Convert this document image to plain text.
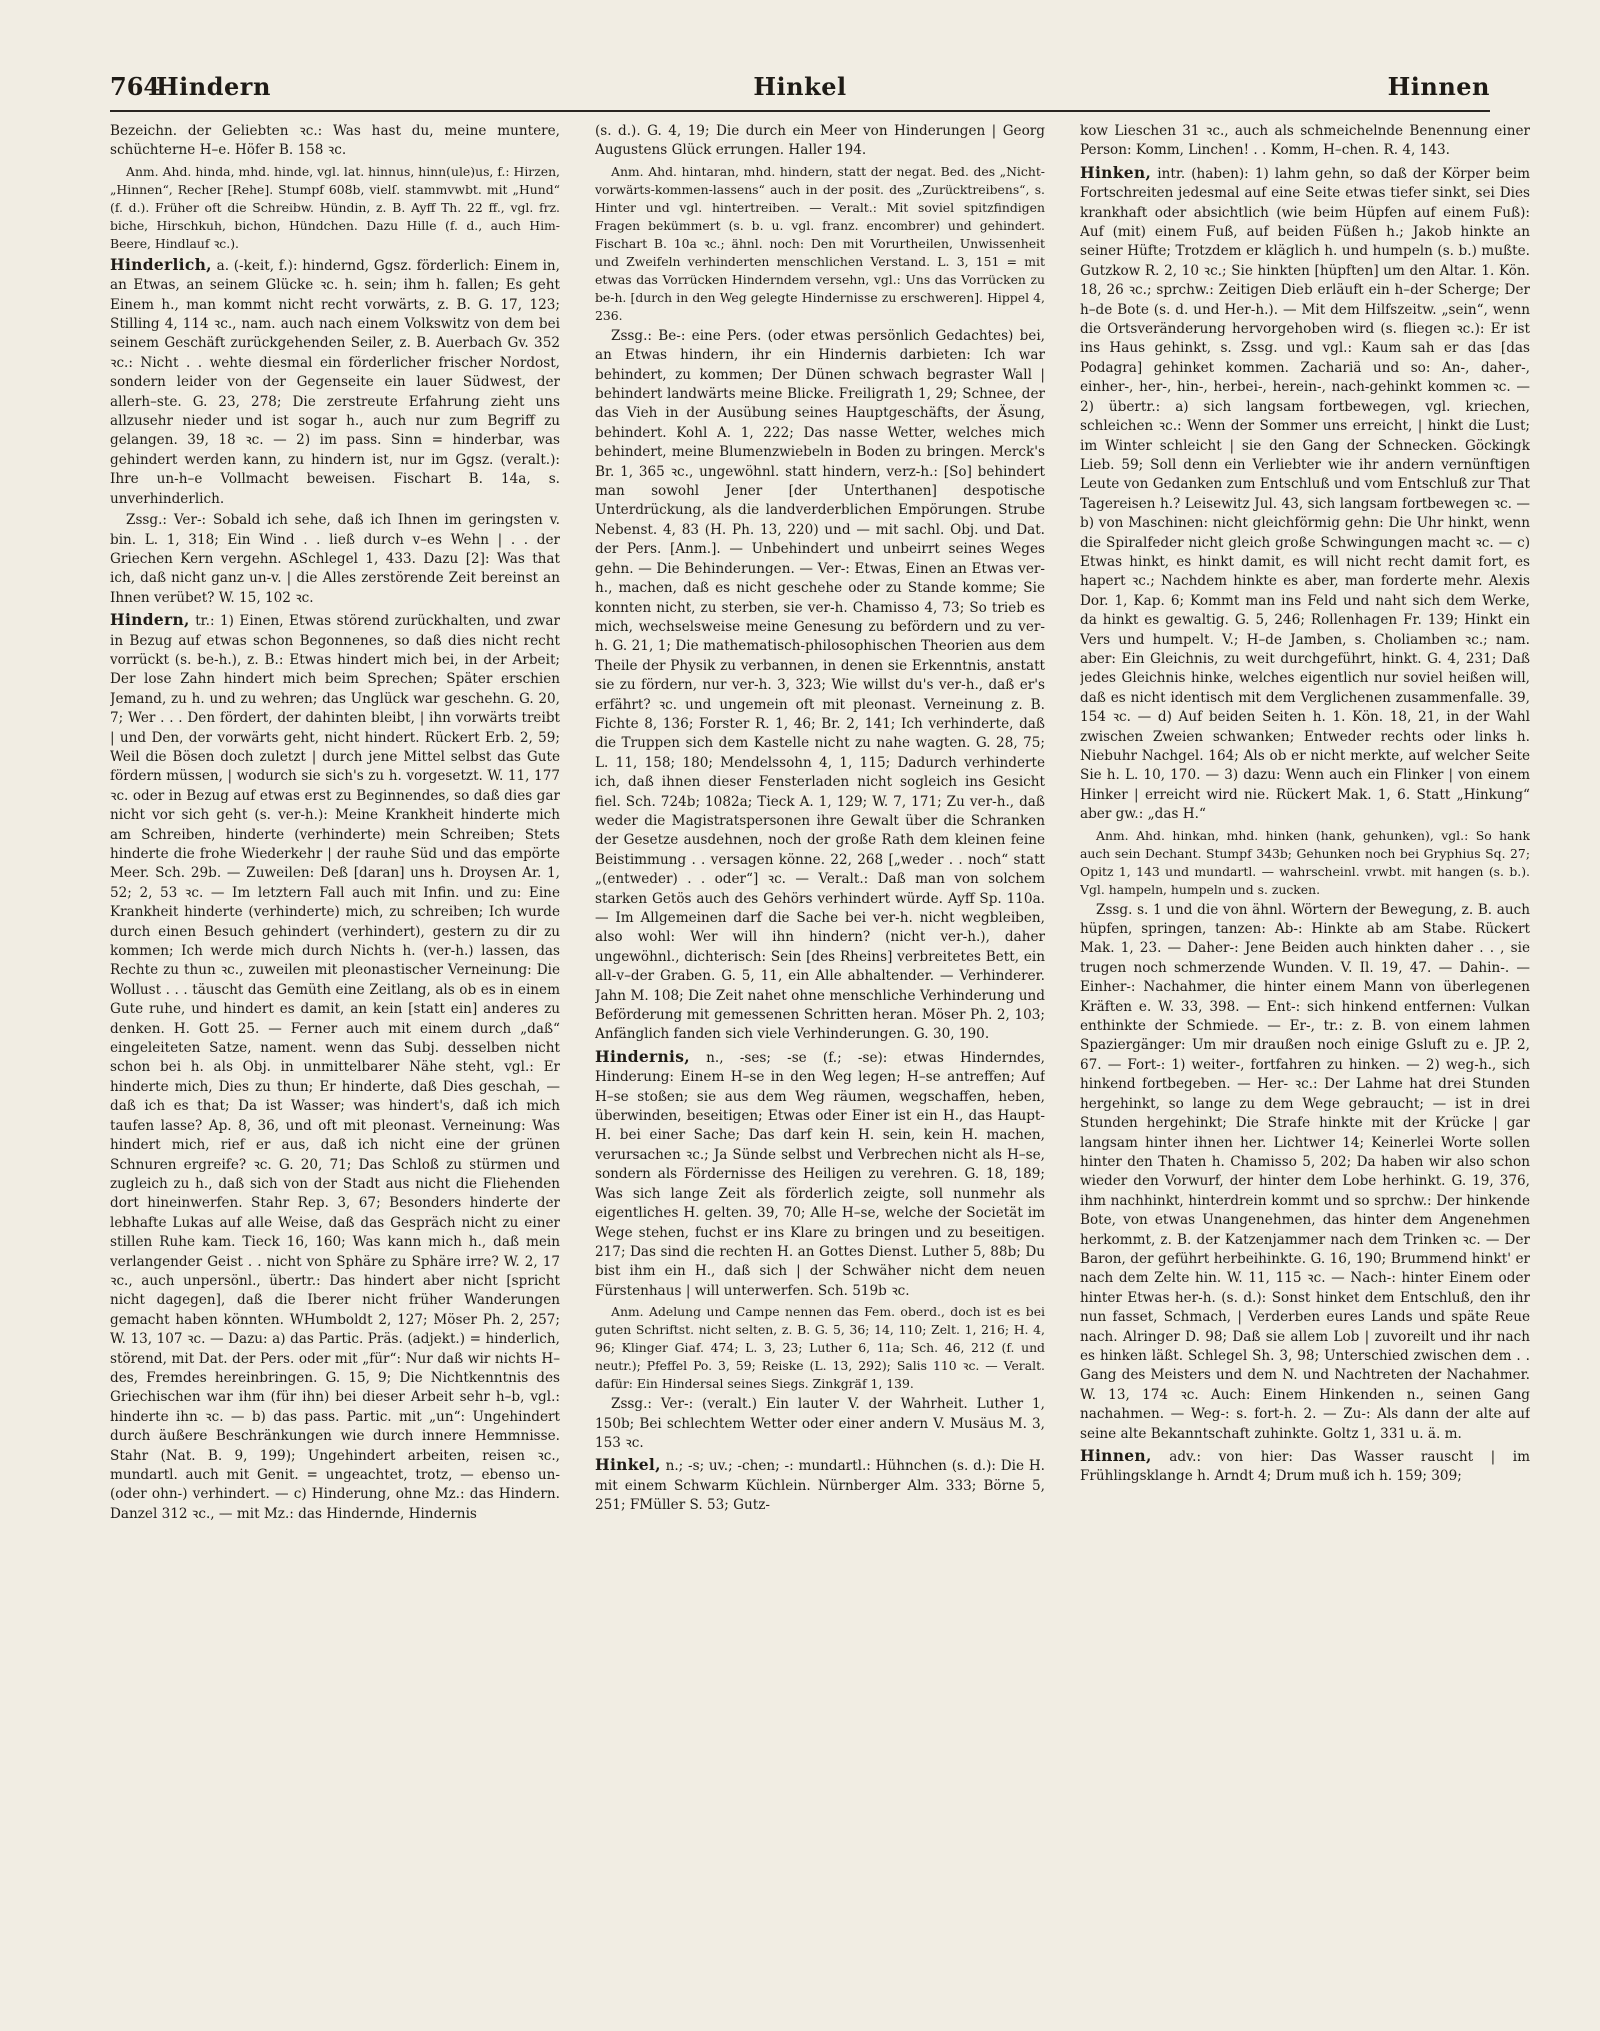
764
Hindern	Hinkel	Hinnen

Bezeichn. der Geliebten ꝛc.: Was hast du, meine muntere, schüchterne H–e. Höfer B. 158 ꝛc.

Anm. Ahd. hinda, mhd. hinde, vgl. lat. hinnus, hinn(ule)us, f.: Hirzen, „Hinnen“, Recher [Rehe]. Stumpf 608b, vielſ. stammvwbt. mit „Hund“ (f. d.). Früher oft die Schreibw. Hündin, z. B. Ayff Th. 22 ff., vgl. frz. biche, Hirschkuh, bichon, Hündchen. Dazu Hille (f. d., auch Him-Beere, Hindlauf ꝛc.).

Hinderlich, a. (-keit, f.): hindernd, Ggsz. förderlich: Einem in, an Etwas, an seinem Glücke ꝛc. h. sein; ihm h. fallen; Es geht Einem h., man kommt nicht recht vorwärts, z. B. G. 17, 123; Stilling 4, 114 ꝛc., nam. auch nach einem Volkswitz von dem bei seinem Geschäft zurückgehenden Seiler, z. B. Auerbach Gv. 352 ꝛc.: Nicht . . wehte diesmal ein förderlicher frischer Nordost, sondern leider von der Gegenseite ein lauer Südwest, der allerh–ste. G. 23, 278; Die zerstreute Erfahrung zieht uns allzusehr nieder und ist sogar h., auch nur zum Begriff zu gelangen. 39, 18 ꝛc. — 2) im pass. Sinn = hinderbar, was gehindert werden kann, zu hindern ist, nur im Ggsz. (veralt.): Ihre un-h–e Vollmacht beweisen. Fischart B. 14a, s. unverhinderlich.

Zssg.: Ver-: Sobald ich sehe, daß ich Ihnen im geringsten v. bin. L. 1, 318; Ein Wind . . ließ durch v–es Wehn | . . der Griechen Kern vergehn. ASchlegel 1, 433. Dazu [2]: Was that ich, daß nicht ganz un-v. | die Alles zerstörende Zeit bereinst an Ihnen verübet? W. 15, 102 ꝛc.

Hindern, tr.: 1) Einen, Etwas störend zurückhalten, und zwar in Bezug auf etwas schon Begonnenes, so daß dies nicht recht vorrückt (s. be-h.), z. B.: Etwas hindert mich bei, in der Arbeit; Der lose Zahn hindert mich beim Sprechen; Später erschien Jemand, zu h. und zu wehren; das Unglück war geschehn. G. 20, 7; Wer . . . Den fördert, der dahinten bleibt, | ihn vorwärts treibt | und Den, der vorwärts geht, nicht hindert. Rückert Erb. 2, 59; Weil die Bösen doch zuletzt | durch jene Mittel selbst das Gute fördern müssen, | wodurch sie sich's zu h. vorgesetzt. W. 11, 177 ꝛc. oder in Bezug auf etwas erst zu Beginnendes, so daß dies gar nicht vor sich geht (s. ver-h.): Meine Krankheit hinderte mich am Schreiben, hinderte (verhinderte) mein Schreiben; Stets hinderte die frohe Wiederkehr | der rauhe Süd und das empörte Meer. Sch. 29b. — Zuweilen: Deß [daran] uns h. Droysen Ar. 1, 52; 2, 53 ꝛc. — Im letztern Fall auch mit Infin. und zu: Eine Krankheit hinderte (verhinderte) mich, zu schreiben; Ich wurde durch einen Besuch gehindert (verhindert), gestern zu dir zu kommen; Ich werde mich durch Nichts h. (ver-h.) lassen, das Rechte zu thun ꝛc., zuweilen mit pleonastischer Verneinung: Die Wollust . . . täuscht das Gemüth eine Zeitlang, als ob es in einem Gute ruhe, und hindert es damit, an kein [statt ein] anderes zu denken. H. Gott 25. — Ferner auch mit einem durch „daß“ eingeleiteten Satze, nament. wenn das Subj. desselben nicht schon bei h. als Obj. in unmittelbarer Nähe steht, vgl.: Er hinderte mich, Dies zu thun; Er hinderte, daß Dies geschah, — daß ich es that; Da ist Wasser; was hindert's, daß ich mich taufen lasse? Ap. 8, 36, und oft mit pleonast. Verneinung: Was hindert mich, rief er aus, daß ich nicht eine der grünen Schnuren ergreife? ꝛc. G. 20, 71; Das Schloß zu stürmen und zugleich zu h., daß sich von der Stadt aus nicht die Fliehenden dort hineinwerfen. Stahr Rep. 3, 67; Besonders hinderte der lebhafte Lukas auf alle Weise, daß das Gespräch nicht zu einer stillen Ruhe kam. Tieck 16, 160; Was kann mich h., daß mein verlangender Geist . . nicht von Sphäre zu Sphäre irre? W. 2, 17 ꝛc., auch unpersönl., übertr.: Das hindert aber nicht [spricht nicht dagegen], daß die Iberer nicht früher Wanderungen gemacht haben könnten. WHumboldt 2, 127; Möser Ph. 2, 257; W. 13, 107 ꝛc. — Dazu: a) das Partic. Präs. (adjekt.) = hinderlich, störend, mit Dat. der Pers. oder mit „für“: Nur daß wir nichts H–des, Fremdes hereinbringen. G. 15, 9; Die Nichtkenntnis des Griechischen war ihm (für ihn) bei dieser Arbeit sehr h–b, vgl.: hinderte ihn ꝛc. — b) das pass. Partic. mit „un“: Ungehindert durch äußere Beschränkungen wie durch innere Hemmnisse. Stahr (Nat. B. 9, 199); Ungehindert arbeiten, reisen ꝛc., mundartl. auch mit Genit. = ungeachtet, trotz, — ebenso un- (oder ohn-) verhindert. — c) Hinderung, ohne Mz.: das Hindern. Danzel 312 ꝛc., — mit Mz.: das Hindernde, Hindernis

(s. d.). G. 4, 19; Die durch ein Meer von Hinderungen | Georg Augustens Glück errungen. Haller 194.

Anm. Ahd. hintaran, mhd. hindern, statt der negat. Bed. des „Nicht-vorwärts-kommen-lassens“ auch in der posit. des „Zurücktreibens“, s. Hinter und vgl. hintertreiben. — Veralt.: Mit soviel spitzfindigen Fragen bekümmert (s. b. u. vgl. franz. encombrer) und gehindert. Fischart B. 10a ꝛc.; ähnl. noch: Den mit Vorurtheilen, Unwissenheit und Zweifeln verhinderten menschlichen Verstand. L. 3, 151 = mit etwas das Vorrücken Hinderndem versehn, vgl.: Uns das Vorrücken zu be-h. [durch in den Weg gelegte Hindernisse zu erschweren]. Hippel 4, 236.

Zssg.: Be-: eine Pers. (oder etwas persönlich Gedachtes) bei, an Etwas hindern, ihr ein Hindernis darbieten: Ich war behindert, zu kommen; Der Dünen schwach begraster Wall | behindert landwärts meine Blicke. Freiligrath 1, 29; Schnee, der das Vieh in der Ausübung seines Hauptgeschäfts, der Äsung, behindert. Kohl A. 1, 222; Das nasse Wetter, welches mich behindert, meine Blumenzwiebeln in Boden zu bringen. Merck's Br. 1, 365 ꝛc., ungewöhnl. statt hindern, verz-h.: [So] behindert man sowohl Jener [der Unterthanen] despotische Unterdrückung, als die landverderblichen Empörungen. Strube Nebenst. 4, 83 (H. Ph. 13, 220) und — mit sachl. Obj. und Dat. der Pers. [Anm.]. — Unbehindert und unbeirrt seines Weges gehn. — Die Behinderungen. — Ver-: Etwas, Einen an Etwas ver-h., machen, daß es nicht geschehe oder zu Stande komme; Sie konnten nicht, zu sterben, sie ver-h. Chamisso 4, 73; So trieb es mich, wechselsweise meine Genesung zu befördern und zu ver-h. G. 21, 1; Die mathematisch-philosophischen Theorien aus dem Theile der Physik zu verbannen, in denen sie Erkenntnis, anstatt sie zu fördern, nur ver-h. 3, 323; Wie willst du's ver-h., daß er's erfährt? ꝛc. und ungemein oft mit pleonast. Verneinung z. B. Fichte 8, 136; Forster R. 1, 46; Br. 2, 141; Ich verhinderte, daß die Truppen sich dem Kastelle nicht zu nahe wagten. G. 28, 75; L. 11, 158; 180; Mendelssohn 4, 1, 115; Dadurch verhinderte ich, daß ihnen dieser Fensterladen nicht sogleich ins Gesicht fiel. Sch. 724b; 1082a; Tieck A. 1, 129; W. 7, 171; Zu ver-h., daß weder die Magistratspersonen ihre Gewalt über die Schranken der Gesetze ausdehnen, noch der große Rath dem kleinen feine Beistimmung . . versagen könne. 22, 268 [„weder . . noch“ statt „(entweder) . . oder“] ꝛc. — Veralt.: Daß man von solchem starken Getös auch des Gehörs verhindert würde. Ayff Sp. 110a. — Im Allgemeinen darf die Sache bei ver-h. nicht wegbleiben, also wohl: Wer will ihn hindern? (nicht ver-h.), daher ungewöhnl., dichterisch: Sein [des Rheins] verbreitetes Bett, ein all-v–der Graben. G. 5, 11, ein Alle abhaltender. — Verhinderer. Jahn M. 108; Die Zeit nahet ohne menschliche Verhinderung und Beförderung mit gemessenen Schritten heran. Möser Ph. 2, 103; Anfänglich fanden sich viele Verhinderungen. G. 30, 190.

Hindernis, n., -ses; -se (f.; -se): etwas Hinderndes, Hinderung: Einem H–se in den Weg legen; H–se antreffen; Auf H–se stoßen; sie aus dem Weg räumen, wegschaffen, heben, überwinden, beseitigen; Etwas oder Einer ist ein H., das Haupt-H. bei einer Sache; Das darf kein H. sein, kein H. machen, verursachen ꝛc.; Ja Sünde selbst und Verbrechen nicht als H–se, sondern als Fördernisse des Heiligen zu verehren. G. 18, 189; Was sich lange Zeit als förderlich zeigte, soll nunmehr als eigentliches H. gelten. 39, 70; Alle H–se, welche der Societät im Wege stehen, fuchst er ins Klare zu bringen und zu beseitigen. 217; Das sind die rechten H. an Gottes Dienst. Luther 5, 88b; Du bist ihm ein H., daß sich | der Schwäher nicht dem neuen Fürstenhaus | will unterwerfen. Sch. 519b ꝛc.

Anm. Adelung und Campe nennen das Fem. oberd., doch ist es bei guten Schriftst. nicht selten, z. B. G. 5, 36; 14, 110; Zelt. 1, 216; H. 4, 96; Klinger Giaf. 474; L. 3, 23; Luther 6, 11a; Sch. 46, 212 (f. und neutr.); Pfeffel Po. 3, 59; Reiske (L. 13, 292); Salis 110 ꝛc. — Veralt. dafür: Ein Hindersal seines Siegs. Zinkgräf 1, 139.

Zssg.: Ver-: (veralt.) Ein lauter V. der Wahrheit. Luther 1, 150b; Bei schlechtem Wetter oder einer andern V. Musäus M. 3, 153 ꝛc.

Hinkel, n.; -s; uv.; -chen; -: mundartl.: Hühnchen (s. d.): Die H. mit einem Schwarm Küchlein. Nürnberger Alm. 333; Börne 5, 251; FMüller S. 53; Gutz-

kow Lieschen 31 ꝛc., auch als schmeichelnde Benennung einer Person: Komm, Linchen! . . Komm, H–chen. R. 4, 143.

Hinken, intr. (haben): 1) lahm gehn, so daß der Körper beim Fortschreiten jedesmal auf eine Seite etwas tiefer sinkt, sei Dies krankhaft oder absichtlich (wie beim Hüpfen auf einem Fuß): Auf (mit) einem Fuß, auf beiden Füßen h.; Jakob hinkte an seiner Hüfte; Trotzdem er kläglich h. und humpeln (s. b.) mußte. Gutzkow R. 2, 10 ꝛc.; Sie hinkten [hüpften] um den Altar. 1. Kön. 18, 26 ꝛc.; sprchw.: Zeitigen Dieb erläuft ein h–der Scherge; Der h–de Bote (s. d. und Her-h.). — Mit dem Hilfszeitw. „sein“, wenn die Ortsveränderung hervorgehoben wird (s. fliegen ꝛc.): Er ist ins Haus gehinkt, s. Zssg. und vgl.: Kaum sah er das [das Podagra] gehinket kommen. Zachariä und so: An-, daher-, einher-, her-, hin-, herbei-, herein-, nach-gehinkt kommen ꝛc. — 2) übertr.: a) sich langsam fortbewegen, vgl. kriechen, schleichen ꝛc.: Wenn der Sommer uns erreicht, | hinkt die Lust; im Winter schleicht | sie den Gang der Schnecken. Göckingk Lieb. 59; Soll denn ein Verliebter wie ihr andern vernünftigen Leute von Gedanken zum Entschluß und vom Entschluß zur That Tagereisen h.? Leisewitz Jul. 43, sich langsam fortbewegen ꝛc. — b) von Maschinen: nicht gleichförmig gehn: Die Uhr hinkt, wenn die Spiralfeder nicht gleich große Schwingungen macht ꝛc. — c) Etwas hinkt, es hinkt damit, es will nicht recht damit fort, es hapert ꝛc.; Nachdem hinkte es aber, man forderte mehr. Alexis Dor. 1, Kap. 6; Kommt man ins Feld und naht sich dem Werke, da hinkt es gewaltig. G. 5, 246; Rollenhagen Fr. 139; Hinkt ein Vers und humpelt. V.; H–de Jamben, s. Choliamben ꝛc.; nam. aber: Ein Gleichnis, zu weit durchgeführt, hinkt. G. 4, 231; Daß jedes Gleichnis hinke, welches eigentlich nur soviel heißen will, daß es nicht identisch mit dem Verglichenen zusammenfalle. 39, 154 ꝛc. — d) Auf beiden Seiten h. 1. Kön. 18, 21, in der Wahl zwischen Zweien schwanken; Entweder rechts oder links h. Niebuhr Nachgel. 164; Als ob er nicht merkte, auf welcher Seite Sie h. L. 10, 170. — 3) dazu: Wenn auch ein Flinker | von einem Hinker | erreicht wird nie. Rückert Mak. 1, 6. Statt „Hinkung“ aber gw.: „das H.“

Anm. Ahd. hinkan, mhd. hinken (hank, gehunken), vgl.: So hank auch sein Dechant. Stumpf 343b; Gehunken noch bei Gryphius Sq. 27; Opitz 1, 143 und mundartl. — wahrscheinl. vrwbt. mit hangen (s. b.). Vgl. hampeln, humpeln und s. zucken.

Zssg. s. 1 und die von ähnl. Wörtern der Bewegung, z. B. auch hüpfen, springen, tanzen: Ab-: Hinkte ab am Stabe. Rückert Mak. 1, 23. — Daher-: Jene Beiden auch hinkten daher . . , sie trugen noch schmerzende Wunden. V. Il. 19, 47. — Dahin-. — Einher-: Nachahmer, die hinter einem Mann von überlegenen Kräften e. W. 33, 398. — Ent-: sich hinkend entfernen: Vulkan enthinkte der Schmiede. — Er-, tr.: z. B. von einem lahmen Spaziergänger: Um mir draußen noch einige Gsluft zu e. JP. 2, 67. — Fort-: 1) weiter-, fortfahren zu hinken. — 2) weg-h., sich hinkend fortbegeben. — Her- ꝛc.: Der Lahme hat drei Stunden hergehinkt, so lange zu dem Wege gebraucht; — ist in drei Stunden hergehinkt; Die Strafe hinkte mit der Krücke | gar langsam hinter ihnen her. Lichtwer 14; Keinerlei Worte sollen hinter den Thaten h. Chamisso 5, 202; Da haben wir also schon wieder den Vorwurf, der hinter dem Lobe herhinkt. G. 19, 376, ihm nachhinkt, hinterdrein kommt und so sprchw.: Der hinkende Bote, von etwas Unangenehmen, das hinter dem Angenehmen herkommt, z. B. der Katzenjammer nach dem Trinken ꝛc. — Der Baron, der geführt herbeihinkte. G. 16, 190; Brummend hinkt' er nach dem Zelte hin. W. 11, 115 ꝛc. — Nach-: hinter Einem oder hinter Etwas her-h. (s. d.): Sonst hinket dem Entschluß, den ihr nun fasset, Schmach, | Verderben eures Lands und späte Reue nach. Alringer D. 98; Daß sie allem Lob | zuvoreilt und ihr nach es hinken läßt. Schlegel Sh. 3, 98; Unterschied zwischen dem . . Gang des Meisters und dem N. und Nachtreten der Nachahmer. W. 13, 174 ꝛc. Auch: Einem Hinkenden n., seinen Gang nachahmen. — Weg-: s. fort-h. 2. — Zu-: Als dann der alte auf seine alte Bekanntschaft zuhinkte. Goltz 1, 331 u. ä. m.

Hinnen, adv.: von hier: Das Wasser rauscht | im Frühlingsklange h. Arndt 4; Drum muß ich h. 159; 309;
